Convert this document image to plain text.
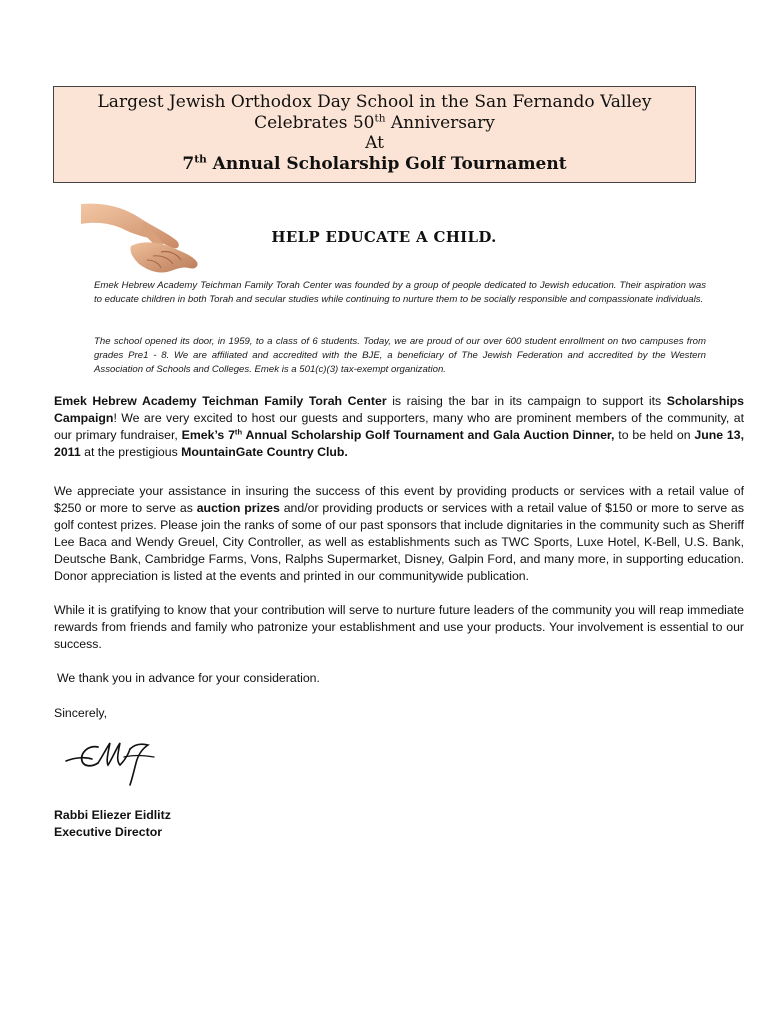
Largest Jewish Orthodox Day School in the San Fernando Valley
Celebrates 50th Anniversary
At
7th Annual Scholarship Golf Tournament
HELP EDUCATE A CHILD.
Emek Hebrew Academy Teichman Family Torah Center was founded by a group of people dedicated to Jewish education. Their aspiration was to educate children in both Torah and secular studies while continuing to nurture them to be socially responsible and compassionate individuals.
The school opened its door, in 1959, to a class of 6 students. Today, we are proud of our over 600 student enrollment on two campuses from grades Pre1 - 8. We are affiliated and accredited with the BJE, a beneficiary of The Jewish Federation and accredited by the Western Association of Schools and Colleges. Emek is a 501(c)(3) tax-exempt organization.
Emek Hebrew Academy Teichman Family Torah Center is raising the bar in its campaign to support its Scholarships Campaign! We are very excited to host our guests and supporters, many who are prominent members of the community, at our primary fundraiser, Emek’s 7th Annual Scholarship Golf Tournament and Gala Auction Dinner, to be held on June 13, 2011 at the prestigious MountainGate Country Club.
We appreciate your assistance in insuring the success of this event by providing products or services with a retail value of $250 or more to serve as auction prizes and/or providing products or services with a retail value of $150 or more to serve as golf contest prizes. Please join the ranks of some of our past sponsors that include dignitaries in the community such as Sheriff Lee Baca and Wendy Greuel, City Controller, as well as establishments such as TWC Sports, Luxe Hotel, K-Bell, U.S. Bank, Deutsche Bank, Cambridge Farms, Vons, Ralphs Supermarket, Disney, Galpin Ford, and many more, in supporting education. Donor appreciation is listed at the events and printed in our communitywide publication.
While it is gratifying to know that your contribution will serve to nurture future leaders of the community you will reap immediate rewards from friends and family who patronize your establishment and use your products. Your involvement is essential to our success.
We thank you in advance for your consideration.
Sincerely,
Rabbi Eliezer Eidlitz
Executive Director
